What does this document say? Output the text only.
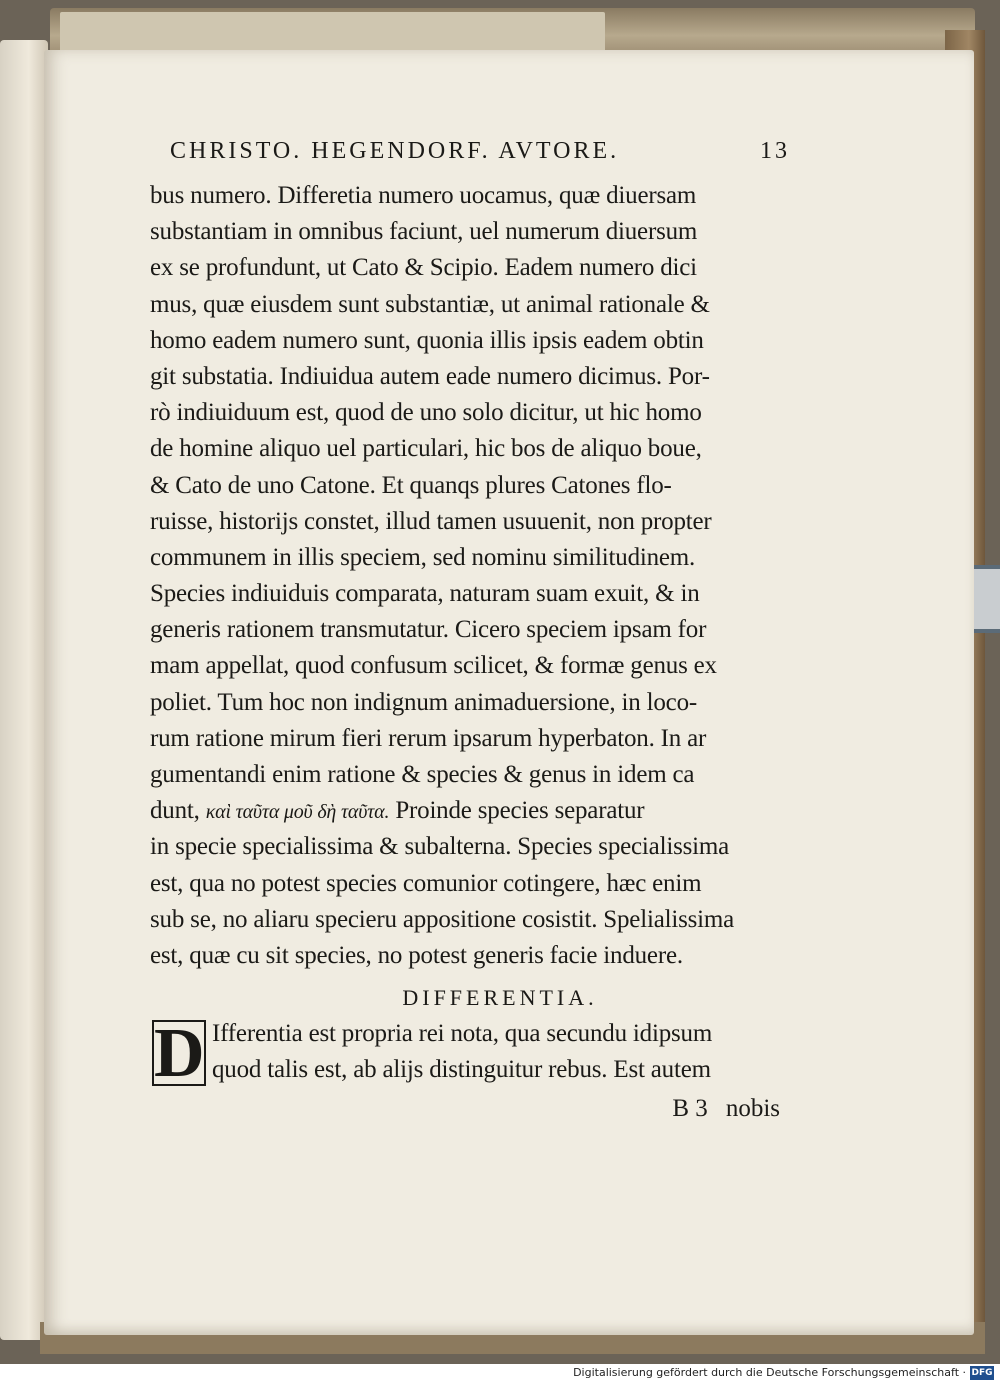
CHRISTO. HEGENDORF. AVTORE.	13
bus numero. Differetia numero uocamus, quæ diuersam
substantiam in omnibus faciunt, uel numerum diuersum
ex se profundunt, ut Cato & Scipio. Eadem numero dici
mus, quæ eiusdem sunt substantiæ, ut animal rationale &
homo eadem numero sunt, quonia illis ipsis eadem obtin
git substatia. Indiuidua autem eade numero dicimus. Por-
rò indiuiduum est, quod de uno solo dicitur, ut hic homo
de homine aliquo uel particulari, hic bos de aliquo boue,
& Cato de uno Catone. Et quanqs plures Catones flo-
ruisse, historijs constet, illud tamen usuuenit, non propter
communem in illis speciem, sed nominu similitudinem.
Species indiuiduis comparata, naturam suam exuit, & in
generis rationem transmutatur. Cicero speciem ipsam for
mam appellat, quod confusum scilicet, & formæ genus ex
poliet. Tum hoc non indignum animaduersione, in loco-
rum ratione mirum fieri rerum ipsarum hyperbaton. In ar
gumentandi enim ratione & species & genus in idem ca
dunt, καὶ ταῦτα μοῦ δὴ ταῦτα. Proinde species separatur
in specie specialissima & subalterna. Species specialissima
est, qua no potest species comunior cotingere, hæc enim
sub se, no aliaru specieru appositione cosistit. Spelialissima
est, quæ cu sit species, no potest generis facie induere.
DIFFERENTIA.
D Ifferentia est propria rei nota, qua secundu idipsum
quod talis est, ab alijs distinguitur rebus. Est autem
B 3 nobis
Digitalisierung gefördert durch die Deutsche Forschungsgemeinschaft · DFG
